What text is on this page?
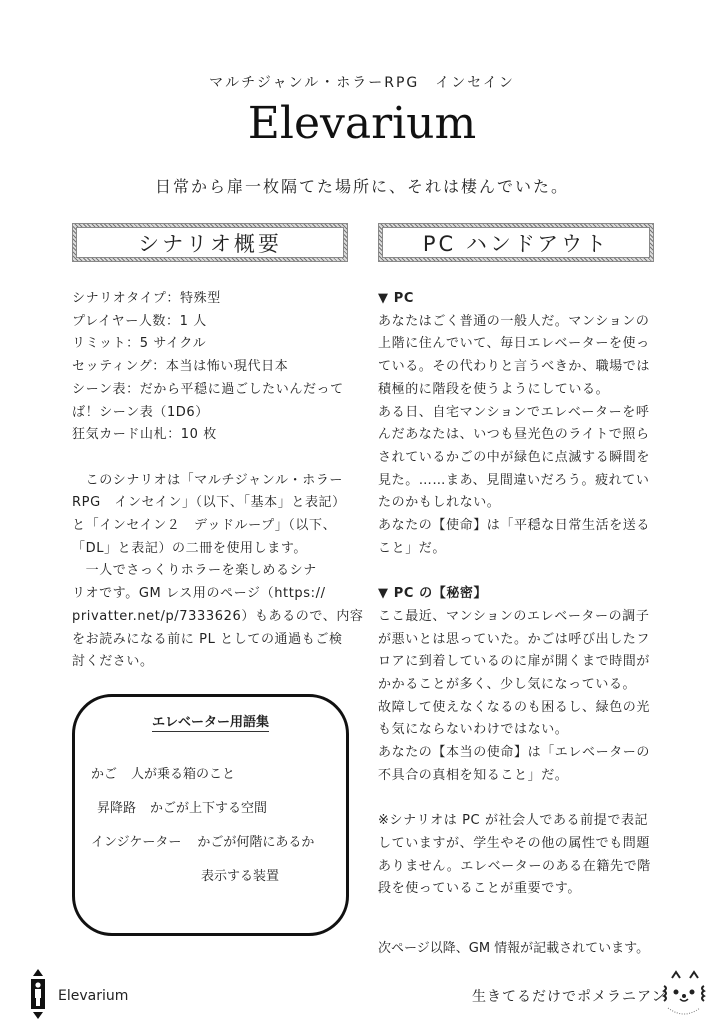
マルチジャンル・ホラーRPG　インセイン
Elevarium
日常から扉一枚隔てた場所に、それは棲んでいた。
シナリオ概要	PC ハンドアウト
シナリオタイプ：特殊型
プレイヤー人数：1 人
リミット：5 サイクル
セッティング：本当は怖い現代日本
シーン表：だから平穏に過ごしたいんだって
ば！シーン表（1D6）
狂気カード山札：10 枚
　このシナリオは「マルチジャンル・ホラー
RPG　インセイン」（以下、「基本」と表記）
と「インセイン２　デッドループ」（以下、
「DL」と表記）の二冊を使用します。
　一人でさっくりホラーを楽しめるシナ
リオです。GM レス用のページ（https://
privatter.net/p/7333626）もあるので、内容
をお読みになる前に PL としての通過もご検
討ください。
エレベーター用語集
かご 人が乗る箱のこと
昇降路 かごが上下する空間
インジケーター かごが何階にあるか
表示する装置
▼ PC
あなたはごく普通の一般人だ。マンションの
上階に住んでいて、毎日エレベーターを使っ
ている。その代わりと言うべきか、職場では
積極的に階段を使うようにしている。
ある日、自宅マンションでエレベーターを呼
んだあなたは、いつも昼光色のライトで照ら
されているかごの中が緑色に点滅する瞬間を
見た。……まあ、見間違いだろう。疲れてい
たのかもしれない。
あなたの【使命】は「平穏な日常生活を送る
こと」だ。
▼ PC の【秘密】
ここ最近、マンションのエレベーターの調子
が悪いとは思っていた。かごは呼び出したフ
ロアに到着しているのに扉が開くまで時間が
かかることが多く、少し気になっている。
故障して使えなくなるのも困るし、緑色の光
も気にならないわけではない。
あなたの【本当の使命】は「エレベーターの
不具合の真相を知ること」だ。
※シナリオは PC が社会人である前提で表記
していますが、学生やその他の属性でも問題
ありません。エレベーターのある在籍先で階
段を使っていることが重要です。
次ページ以降、GM 情報が記載されています。
Elevarium	生きてるだけでポメラニアン
